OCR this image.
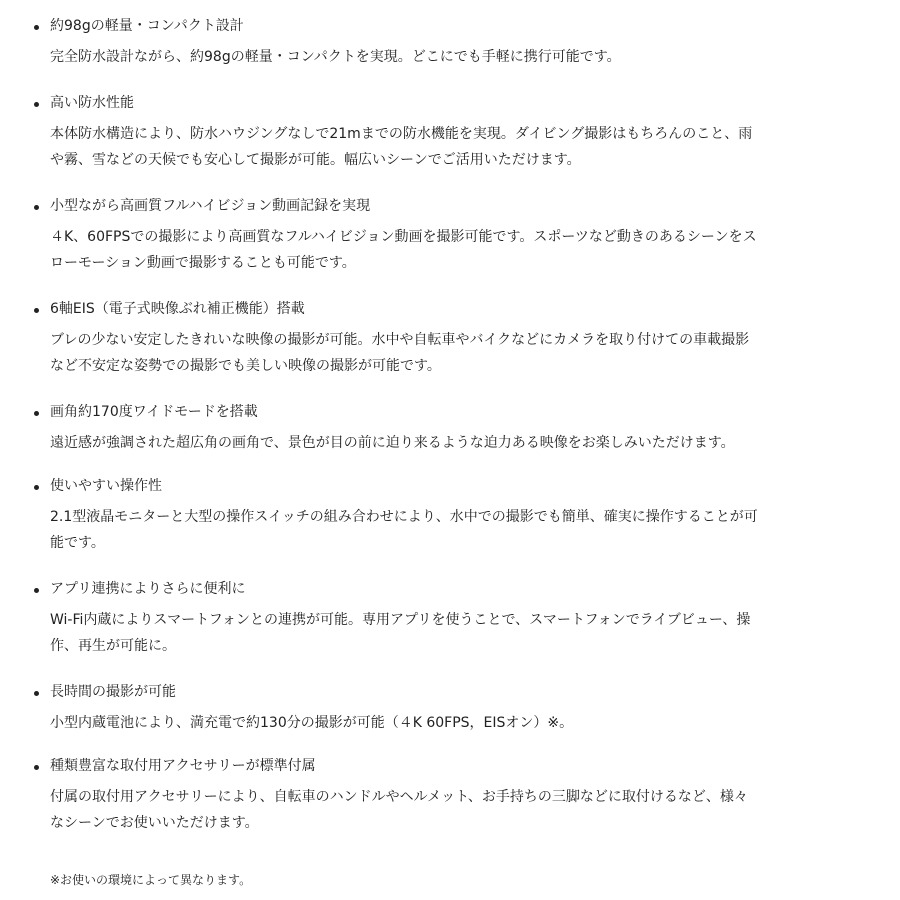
約98gの軽量・コンパクト設計
完全防水設計ながら、約98gの軽量・コンパクトを実現。どこにでも手軽に携行可能です。
高い防水性能
本体防水構造により、防水ハウジングなしで21mまでの防水機能を実現。ダイビング撮影はもちろんのこと、雨
や霧、雪などの天候でも安心して撮影が可能。幅広いシーンでご活用いただけます。
小型ながら高画質フルハイビジョン動画記録を実現
４K、60FPSでの撮影により高画質なフルハイビジョン動画を撮影可能です。スポーツなど動きのあるシーンをス
ローモーション動画で撮影することも可能です。
6軸EIS（電子式映像ぶれ補正機能）搭載
ブレの少ない安定したきれいな映像の撮影が可能。水中や自転車やバイクなどにカメラを取り付けての車載撮影
など不安定な姿勢での撮影でも美しい映像の撮影が可能です。
画角約170度ワイドモードを搭載
遠近感が強調された超広角の画角で、景色が目の前に迫り来るような迫力ある映像をお楽しみいただけます。
使いやすい操作性
2.1型液晶モニターと大型の操作スイッチの組み合わせにより、水中での撮影でも簡単、確実に操作することが可
能です。
アプリ連携によりさらに便利に
Wi-Fi内蔵によりスマートフォンとの連携が可能。専用アプリを使うことで、スマートフォンでライブビュー、操
作、再生が可能に。
長時間の撮影が可能
小型内蔵電池により、満充電で約130分の撮影が可能（４K 60FPS，EISオン）※。
種類豊富な取付用アクセサリーが標準付属
付属の取付用アクセサリーにより、自転車のハンドルやヘルメット、お手持ちの三脚などに取付けるなど、様々
なシーンでお使いいただけます。
※お使いの環境によって異なります。
